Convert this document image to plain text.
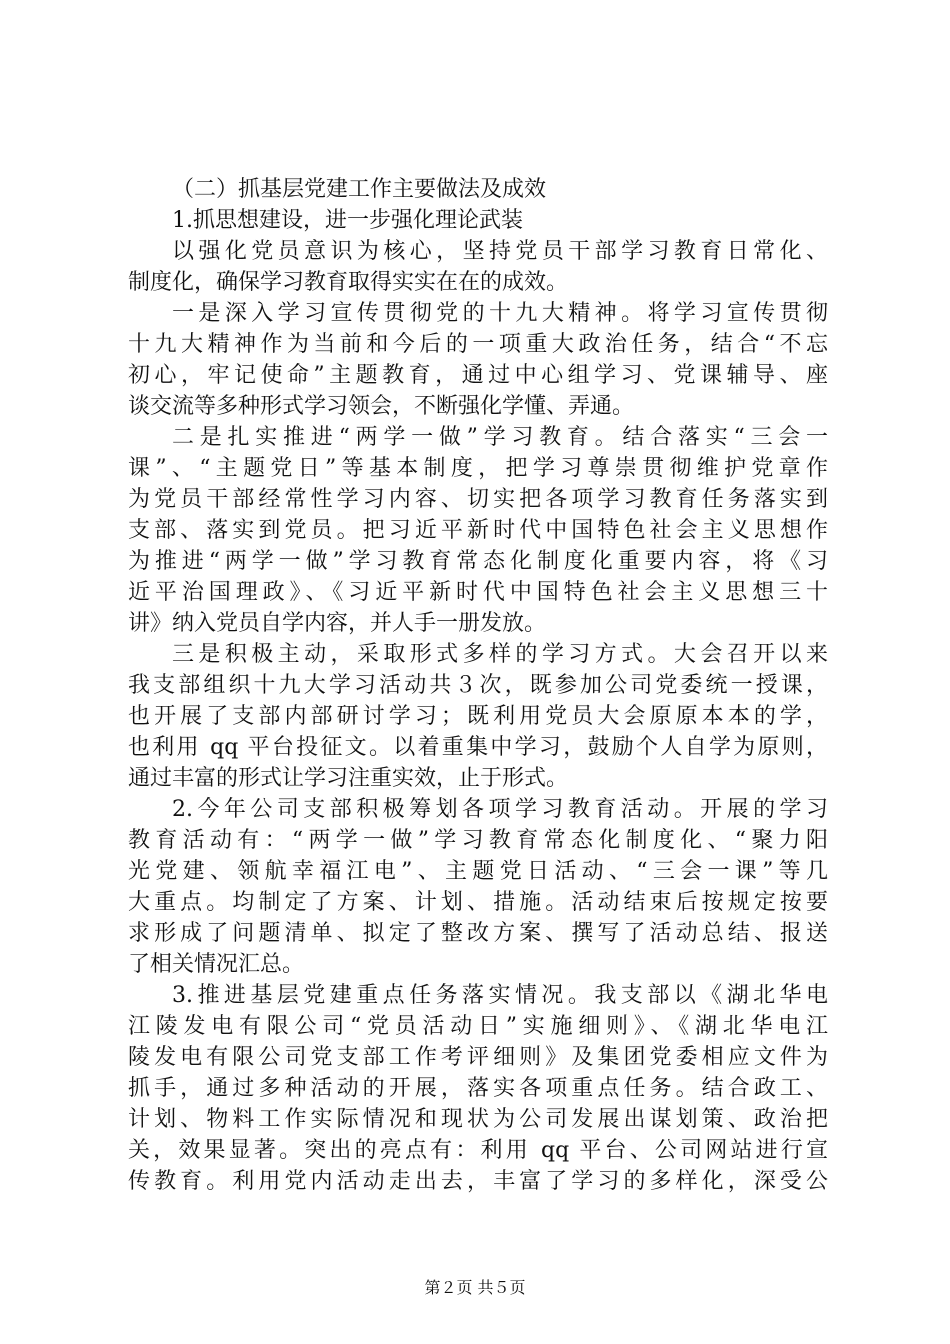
（二）抓基层党建工作主要做法及成效
1.抓思想建设，进一步强化理论武装
以强化党员意识为核心，坚持党员干部学习教育日常化、
制度化，确保学习教育取得实实在在的成效。
一是深入学习宣传贯彻党的十九大精神。将学习宣传贯彻
十九大精神作为当前和今后的一项重大政治任务，结合“不忘
初心，牢记使命”主题教育，通过中心组学习、党课辅导、座
谈交流等多种形式学习领会，不断强化学懂、弄通。
二是扎实推进“两学一做”学习教育。结合落实“三会一
课”、“主题党日”等基本制度，把学习尊崇贯彻维护党章作
为党员干部经常性学习内容、切实把各项学习教育任务落实到
支部、落实到党员。把习近平新时代中国特色社会主义思想作
为推进“两学一做”学习教育常态化制度化重要内容，将《习
近平治国理政》、《习近平新时代中国特色社会主义思想三十
讲》纳入党员自学内容，并人手一册发放。
三是积极主动，采取形式多样的学习方式。大会召开以来
我支部组织十九大学习活动共３次，既参加公司党委统一授课，
也开展了支部内部研讨学习；既利用党员大会原原本本的学，
也利用 qq 平台投征文。以着重集中学习，鼓励个人自学为原则，
通过丰富的形式让学习注重实效，止于形式。
2.今年公司支部积极筹划各项学习教育活动。开展的学习
教育活动有：“两学一做”学习教育常态化制度化、“聚力阳
光党建、领航幸福江电”、主题党日活动、“三会一课”等几
大重点。均制定了方案、计划、措施。活动结束后按规定按要
求形成了问题清单、拟定了整改方案、撰写了活动总结、报送
了相关情况汇总。
3.推进基层党建重点任务落实情况。我支部以《湖北华电
江陵发电有限公司“党员活动日”实施细则》、《湖北华电江
陵发电有限公司党支部工作考评细则》及集团党委相应文件为
抓手，通过多种活动的开展，落实各项重点任务。结合政工、
计划、物料工作实际情况和现状为公司发展出谋划策、政治把
关，效果显著。突出的亮点有：利用 qq 平台、公司网站进行宣
传教育。利用党内活动走出去，丰富了学习的多样化，深受公
第２页 共５页
